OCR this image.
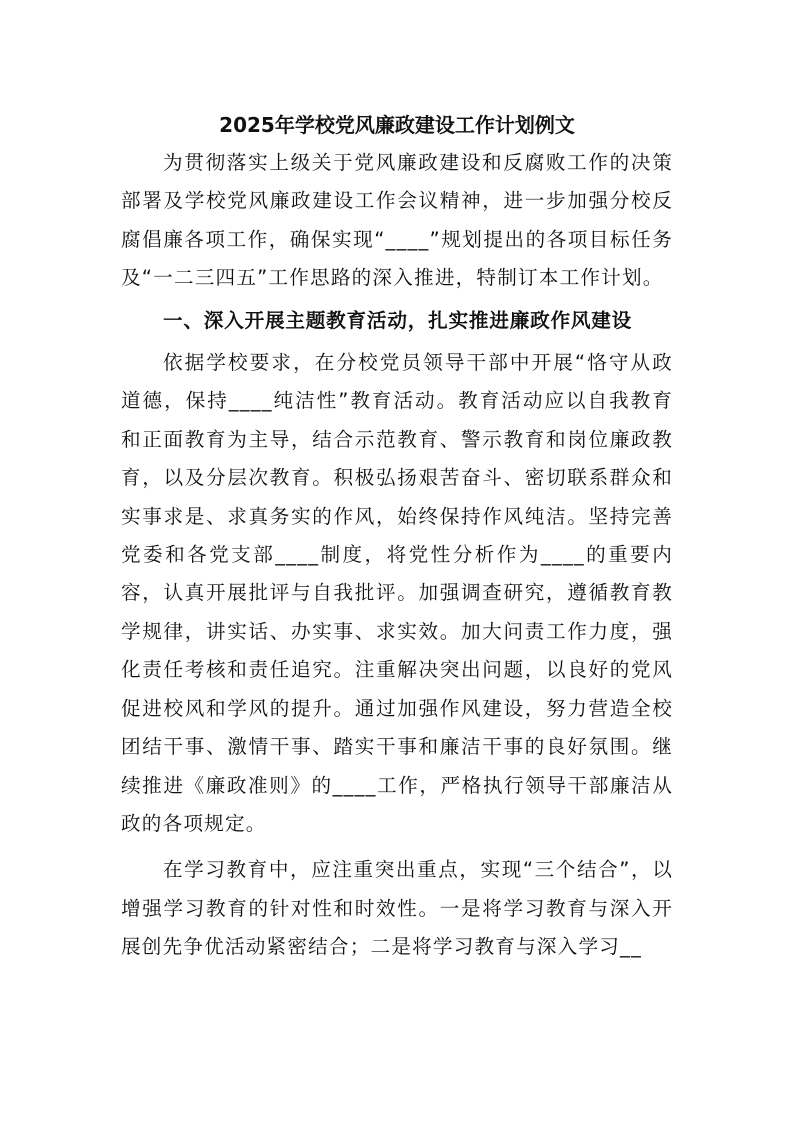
2025年学校党风廉政建设工作计划例文

为贯彻落实上级关于党风廉政建设和反腐败工作的决策部署及学校党风廉政建设工作会议精神，进一步加强分校反腐倡廉各项工作，确保实现“____”规划提出的各项目标任务及“一二三四五”工作思路的深入推进，特制订本工作计划。

一、深入开展主题教育活动，扎实推进廉政作风建设

依据学校要求，在分校党员领导干部中开展“恪守从政道德，保持____纯洁性”教育活动。教育活动应以自我教育和正面教育为主导，结合示范教育、警示教育和岗位廉政教育，以及分层次教育。积极弘扬艰苦奋斗、密切联系群众和实事求是、求真务实的作风，始终保持作风纯洁。坚持完善党委和各党支部____制度，将党性分析作为____的重要内容，认真开展批评与自我批评。加强调查研究，遵循教育教学规律，讲实话、办实事、求实效。加大问责工作力度，强化责任考核和责任追究。注重解决突出问题，以良好的党风促进校风和学风的提升。通过加强作风建设，努力营造全校团结干事、激情干事、踏实干事和廉洁干事的良好氛围。继续推进《廉政准则》的____工作，严格执行领导干部廉洁从政的各项规定。

在学习教育中，应注重突出重点，实现“三个结合”，以增强学习教育的针对性和时效性。一是将学习教育与深入开展创先争优活动紧密结合；二是将学习教育与深入学习__
